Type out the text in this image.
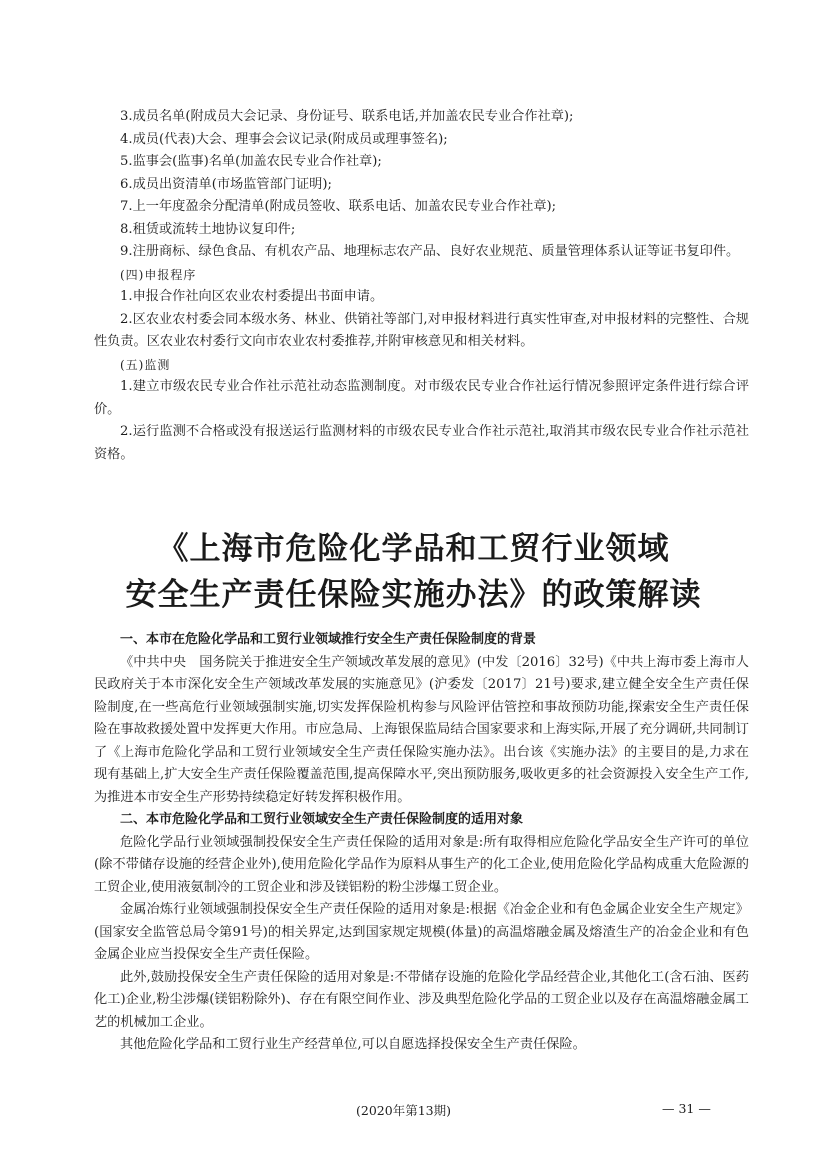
3.成员名单(附成员大会记录、身份证号、联系电话,并加盖农民专业合作社章);

4.成员(代表)大会、理事会会议记录(附成员或理事签名);

5.监事会(监事)名单(加盖农民专业合作社章);

6.成员出资清单(市场监管部门证明);

7.上一年度盈余分配清单(附成员签收、联系电话、加盖农民专业合作社章);

8.租赁或流转土地协议复印件;

9.注册商标、绿色食品、有机农产品、地理标志农产品、良好农业规范、质量管理体系认证等证书复印件。

(四)申报程序

1.申报合作社向区农业农村委提出书面申请。

2.区农业农村委会同本级水务、林业、供销社等部门,对申报材料进行真实性审查,对申报材料的完整性、合规性负责。区农业农村委行文向市农业农村委推荐,并附审核意见和相关材料。

(五)监测

1.建立市级农民专业合作社示范社动态监测制度。对市级农民专业合作社运行情况参照评定条件进行综合评价。

2.运行监测不合格或没有报送运行监测材料的市级农民专业合作社示范社,取消其市级农民专业合作社示范社资格。

《上海市危险化学品和工贸行业领域
安全生产责任保险实施办法》的政策解读

一、本市在危险化学品和工贸行业领域推行安全生产责任保险制度的背景

《中共中央　国务院关于推进安全生产领域改革发展的意见》(中发〔2016〕32号)《中共上海市委上海市人民政府关于本市深化安全生产领域改革发展的实施意见》(沪委发〔2017〕21号)要求,建立健全安全生产责任保险制度,在一些高危行业领域强制实施,切实发挥保险机构参与风险评估管控和事故预防功能,探索安全生产责任保险在事故救援处置中发挥更大作用。市应急局、上海银保监局结合国家要求和上海实际,开展了充分调研,共同制订了《上海市危险化学品和工贸行业领域安全生产责任保险实施办法》。出台该《实施办法》的主要目的是,力求在现有基础上,扩大安全生产责任保险覆盖范围,提高保障水平,突出预防服务,吸收更多的社会资源投入安全生产工作,为推进本市安全生产形势持续稳定好转发挥积极作用。

二、本市危险化学品和工贸行业领域安全生产责任保险制度的适用对象

危险化学品行业领域强制投保安全生产责任保险的适用对象是:所有取得相应危险化学品安全生产许可的单位(除不带储存设施的经营企业外),使用危险化学品作为原料从事生产的化工企业,使用危险化学品构成重大危险源的工贸企业,使用液氨制冷的工贸企业和涉及镁铝粉的粉尘涉爆工贸企业。

金属冶炼行业领域强制投保安全生产责任保险的适用对象是:根据《冶金企业和有色金属企业安全生产规定》(国家安全监管总局令第91号)的相关界定,达到国家规定规模(体量)的高温熔融金属及熔渣生产的冶金企业和有色金属企业应当投保安全生产责任保险。

此外,鼓励投保安全生产责任保险的适用对象是:不带储存设施的危险化学品经营企业,其他化工(含石油、医药化工)企业,粉尘涉爆(镁铝粉除外)、存在有限空间作业、涉及典型危险化学品的工贸企业以及存在高温熔融金属工艺的机械加工企业。

其他危险化学品和工贸行业生产经营单位,可以自愿选择投保安全生产责任保险。

(2020年第13期)	— 31 —
